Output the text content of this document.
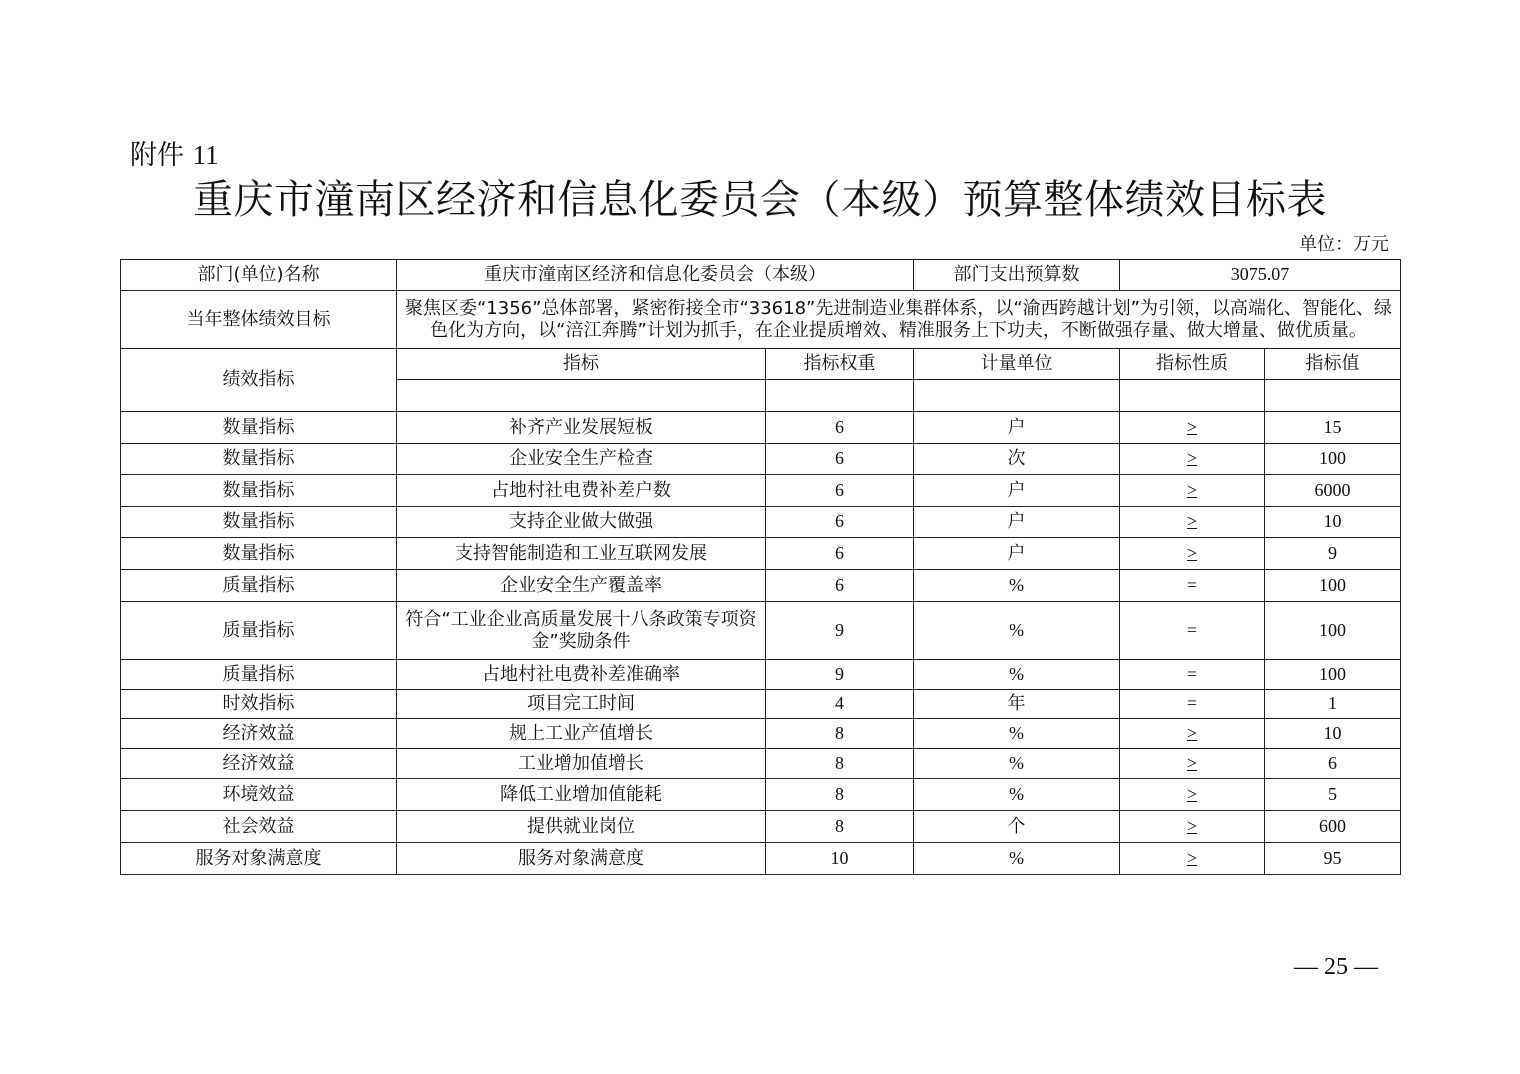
附件 11
重庆市潼南区经济和信息化委员会（本级）预算整体绩效目标表
单位：万元
部门(单位)名称	重庆市潼南区经济和信息化委员会（本级）		部门支出预算数	3075.07	
当年整体绩效目标	聚焦区委“1356”总体部署，紧密衔接全市“33618”先进制造业集群体系，以“渝西跨越计划”为引领，以高端化、智能化、绿色化为方向，以“涪江奔腾”计划为抓手，在企业提质增效、精准服务上下功夫，不断做强存量、做大增量、做优质量。				
绩效指标	指标	指标权重	计量单位	指标性质	指标值

数量指标	补齐产业发展短板	6	户	>	15
数量指标	企业安全生产检查	6	次	>	100
数量指标	占地村社电费补差户数	6	户	>	6000
数量指标	支持企业做大做强	6	户	>	10
数量指标	支持智能制造和工业互联网发展	6	户	>	9
质量指标	企业安全生产覆盖率	6	%	=	100
质量指标	符合“工业企业高质量发展十八条政策专项资金”奖励条件	9	%	=	100
质量指标	占地村社电费补差准确率	9	%	=	100
时效指标	项目完工时间	4	年	=	1
经济效益	规上工业产值增长	8	%	>	10
经济效益	工业增加值增长	8	%	>	6
环境效益	降低工业增加值能耗	8	%	>	5
社会效益	提供就业岗位	8	个	>	600
服务对象满意度	服务对象满意度	10	%	>	95
— 25 —
